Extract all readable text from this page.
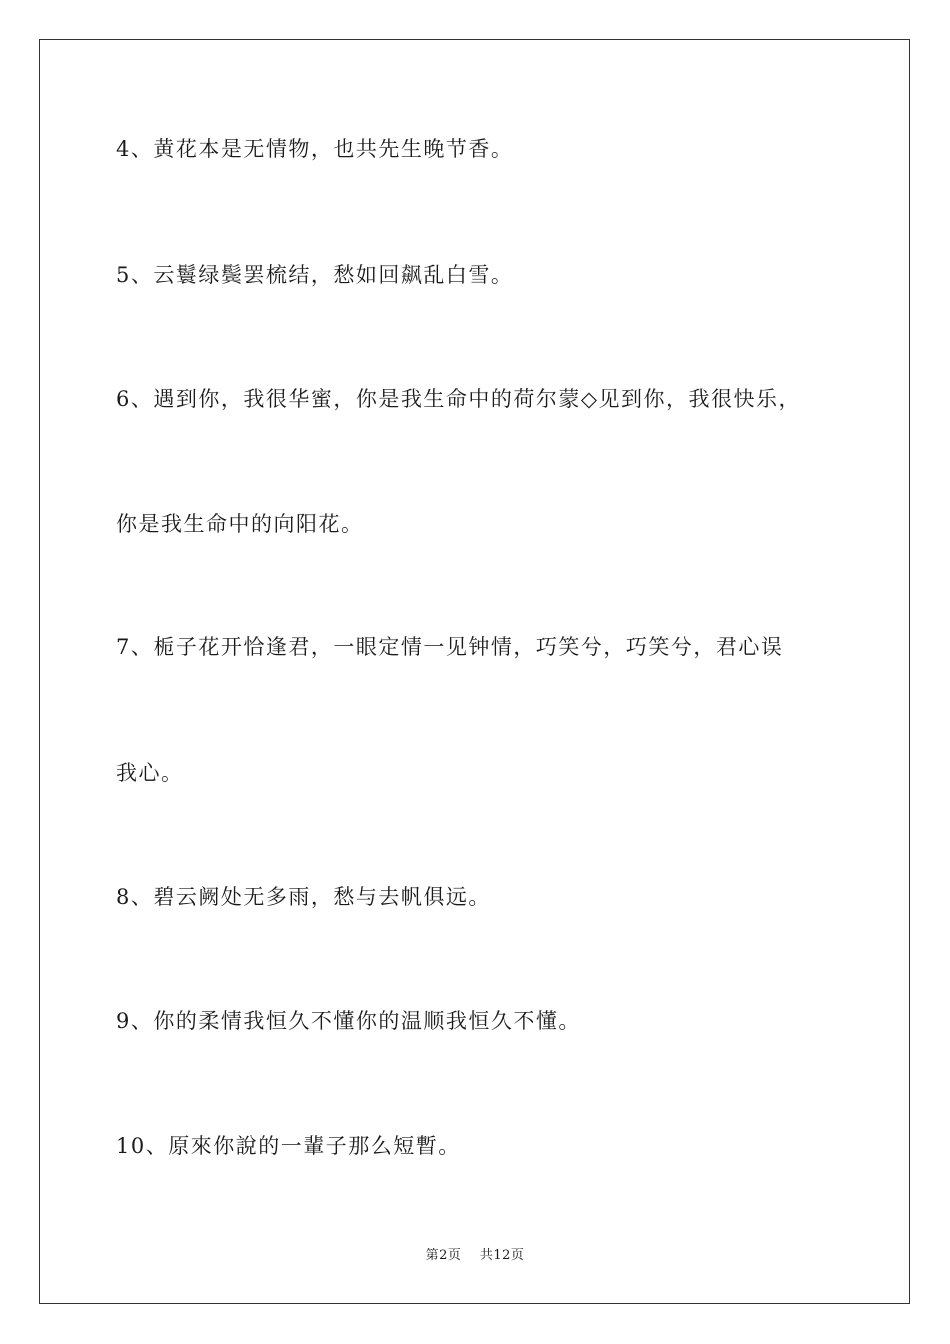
4、黄花本是无情物，也共先生晚节香。
5、云鬟绿鬓罢梳结，愁如回飙乱白雪。
6、遇到你，我很华蜜，你是我生命中的荷尔蒙◇见到你，我很快乐，
你是我生命中的向阳花。
7、栀子花开恰逢君，一眼定情一见钟情，巧笑兮，巧笑兮，君心误
我心。
8、碧云阙处无多雨，愁与去帆俱远。
9、你的柔情我恒久不懂你的温顺我恒久不懂。
10、原來你說的一輩子那么短暫。
第2页    共12页
